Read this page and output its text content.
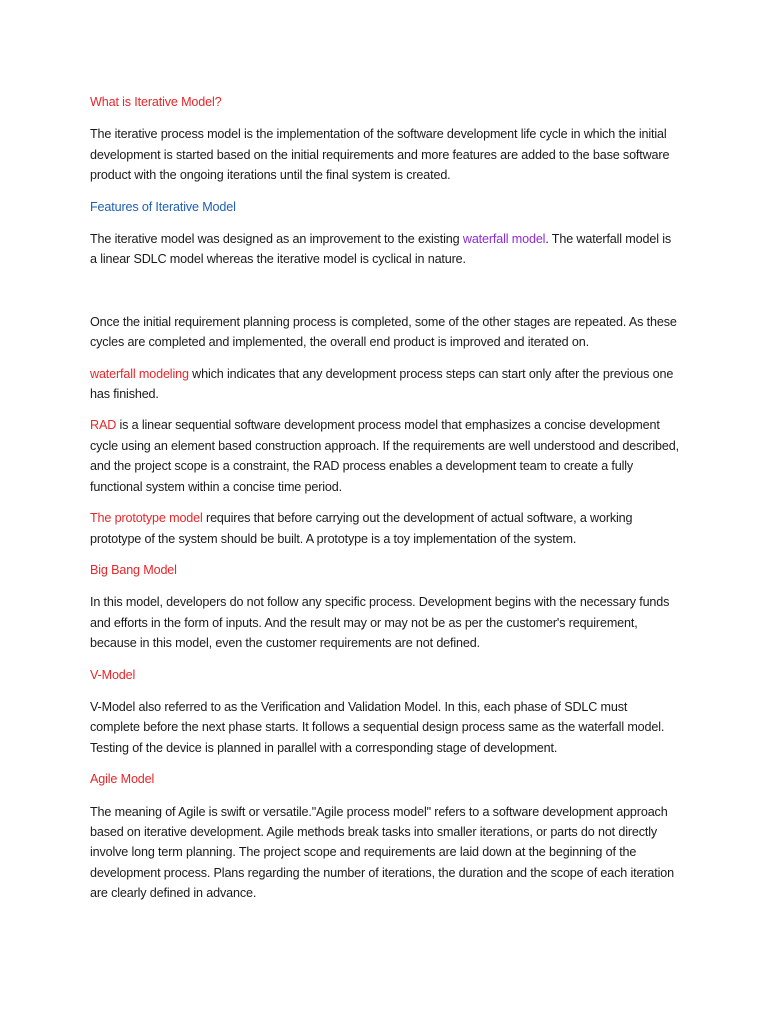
What is Iterative Model?

The iterative process model is the implementation of the software development life cycle in which the initial development is started based on the initial requirements and more features are added to the base software product with the ongoing iterations until the final system is created.

Features of Iterative Model

The iterative model was designed as an improvement to the existing waterfall model. The waterfall model is a linear SDLC model whereas the iterative model is cyclical in nature.

Once the initial requirement planning process is completed, some of the other stages are repeated. As these cycles are completed and implemented, the overall end product is improved and iterated on.

waterfall modeling which indicates that any development process steps can start only after the previous one has finished.

RAD is a linear sequential software development process model that emphasizes a concise development cycle using an element based construction approach. If the requirements are well understood and described, and the project scope is a constraint, the RAD process enables a development team to create a fully functional system within a concise time period.

The prototype model requires that before carrying out the development of actual software, a working prototype of the system should be built. A prototype is a toy implementation of the system.

Big Bang Model

In this model, developers do not follow any specific process. Development begins with the necessary funds and efforts in the form of inputs. And the result may or may not be as per the customer's requirement, because in this model, even the customer requirements are not defined.

V-Model

V-Model also referred to as the Verification and Validation Model. In this, each phase of SDLC must complete before the next phase starts. It follows a sequential design process same as the waterfall model. Testing of the device is planned in parallel with a corresponding stage of development.

Agile Model

The meaning of Agile is swift or versatile."Agile process model" refers to a software development approach based on iterative development. Agile methods break tasks into smaller iterations, or parts do not directly involve long term planning. The project scope and requirements are laid down at the beginning of the development process. Plans regarding the number of iterations, the duration and the scope of each iteration are clearly defined in advance.
